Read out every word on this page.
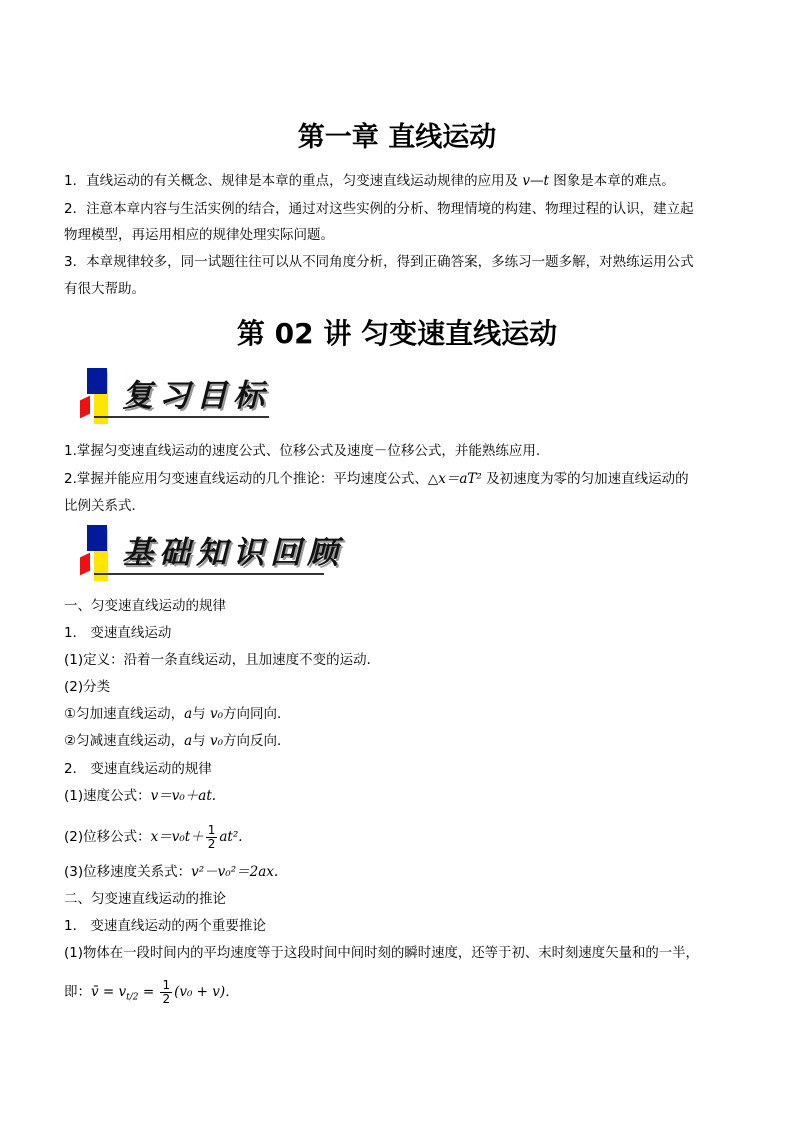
第一章 直线运动
1．直线运动的有关概念、规律是本章的重点，匀变速直线运动规律的应用及 v—t 图象是本章的难点。
2．注意本章内容与生活实例的结合，通过对这些实例的分析、物理情境的构建、物理过程的认识，建立起
物理模型，再运用相应的规律处理实际问题。
3．本章规律较多，同一试题往往可以从不同角度分析，得到正确答案，多练习一题多解，对熟练运用公式
有很大帮助。
第 02 讲 匀变速直线运动
复习目标
1.掌握匀变速直线运动的速度公式、位移公式及速度－位移公式，并能熟练应用.
2.掌握并能应用匀变速直线运动的几个推论：平均速度公式、△x＝aT² 及初速度为零的匀加速直线运动的
比例关系式．
基础知识回顾
一、匀变速直线运动的规律
1． 变速直线运动
(1)定义：沿着一条直线运动，且加速度不变的运动．
(2)分类
①匀加速直线运动，a与 v₀方向同向．
②匀减速直线运动，a与 v₀方向反向．
2． 变速直线运动的规律
(1)速度公式：v＝v₀＋at.
(2)位移公式：$x=v_0t+ \frac{1}{2} at^2$.
(3)位移速度关系式：v²－v₀²＝2ax.
二、匀变速直线运动的推论
1． 变速直线运动的两个重要推论
(1)物体在一段时间内的平均速度等于这段时间中间时刻的瞬时速度，还等于初、末时刻速度矢量和的一半，
即：v̄ = $v_{t/2} = \frac{1}{2} (v_0 + v)$．
